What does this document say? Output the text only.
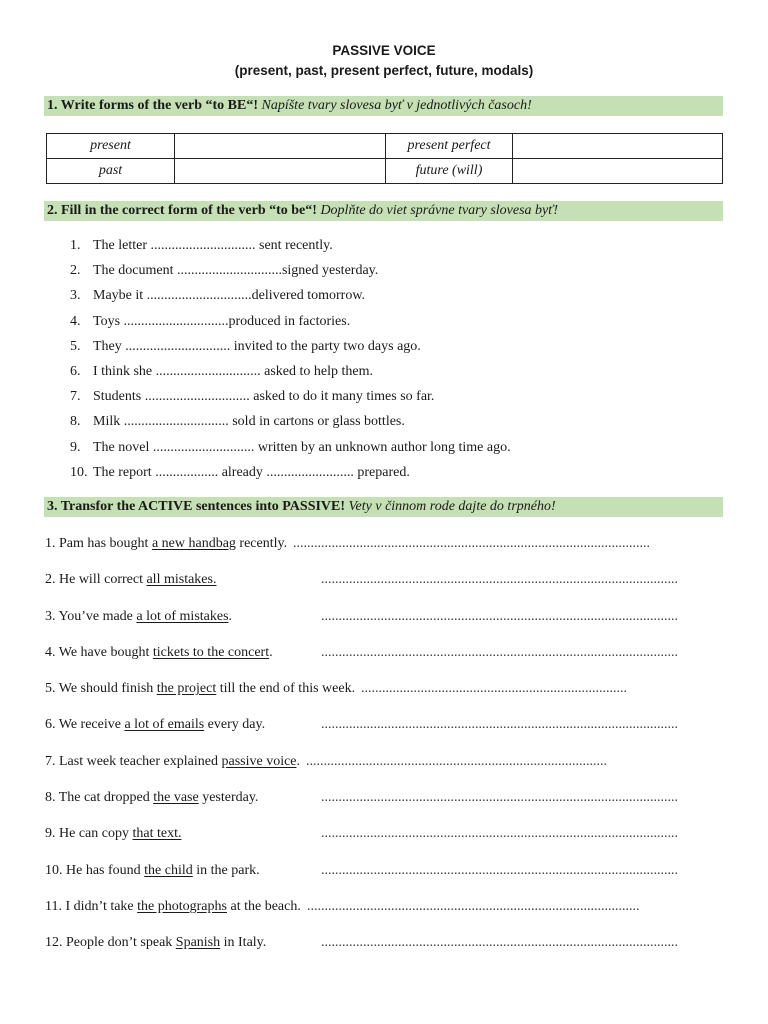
PASSIVE VOICE
(present, past, present perfect, future, modals)
1. Write forms of the verb “to BE“! Napíšte tvary slovesa byť v jednotlivých časoch!
present		present perfect	
past		future (will)	
2. Fill in the correct form of the verb “to be“! Doplňte do viet správne tvary slovesa byť!
1. The letter .............................. sent recently.
2. The document ..............................signed yesterday.
3. Maybe it ..............................delivered tomorrow.
4. Toys ..............................produced in factories.
5. They .............................. invited to the party two days ago.
6. I think she .............................. asked to help them.
7. Students .............................. asked to do it many times so far.
8. Milk .............................. sold in cartons or glass bottles.
9. The novel ............................. written by an unknown author long time ago.
10. The report .................. already ......................... prepared.
3. Transfor the ACTIVE sentences into PASSIVE! Vety v činnom rode dajte do trpného!
1. Pam has bought a new handbag recently. ......................................................................................................
2. He will correct all mistakes.	......................................................................................................
3. You’ve made a lot of mistakes.	......................................................................................................
4. We have bought tickets to the concert.	......................................................................................................
5. We should finish the project till the end of this week. ............................................................................
6. We receive a lot of emails every day.	......................................................................................................
7. Last week teacher explained passive voice. ......................................................................................
8. The cat dropped the vase yesterday.	......................................................................................................
9. He can copy that text.	......................................................................................................
10. He has found the child in the park.	......................................................................................................
11. I didn’t take the photographs at the beach. ...............................................................................................
12. People don’t speak Spanish in Italy.	......................................................................................................
